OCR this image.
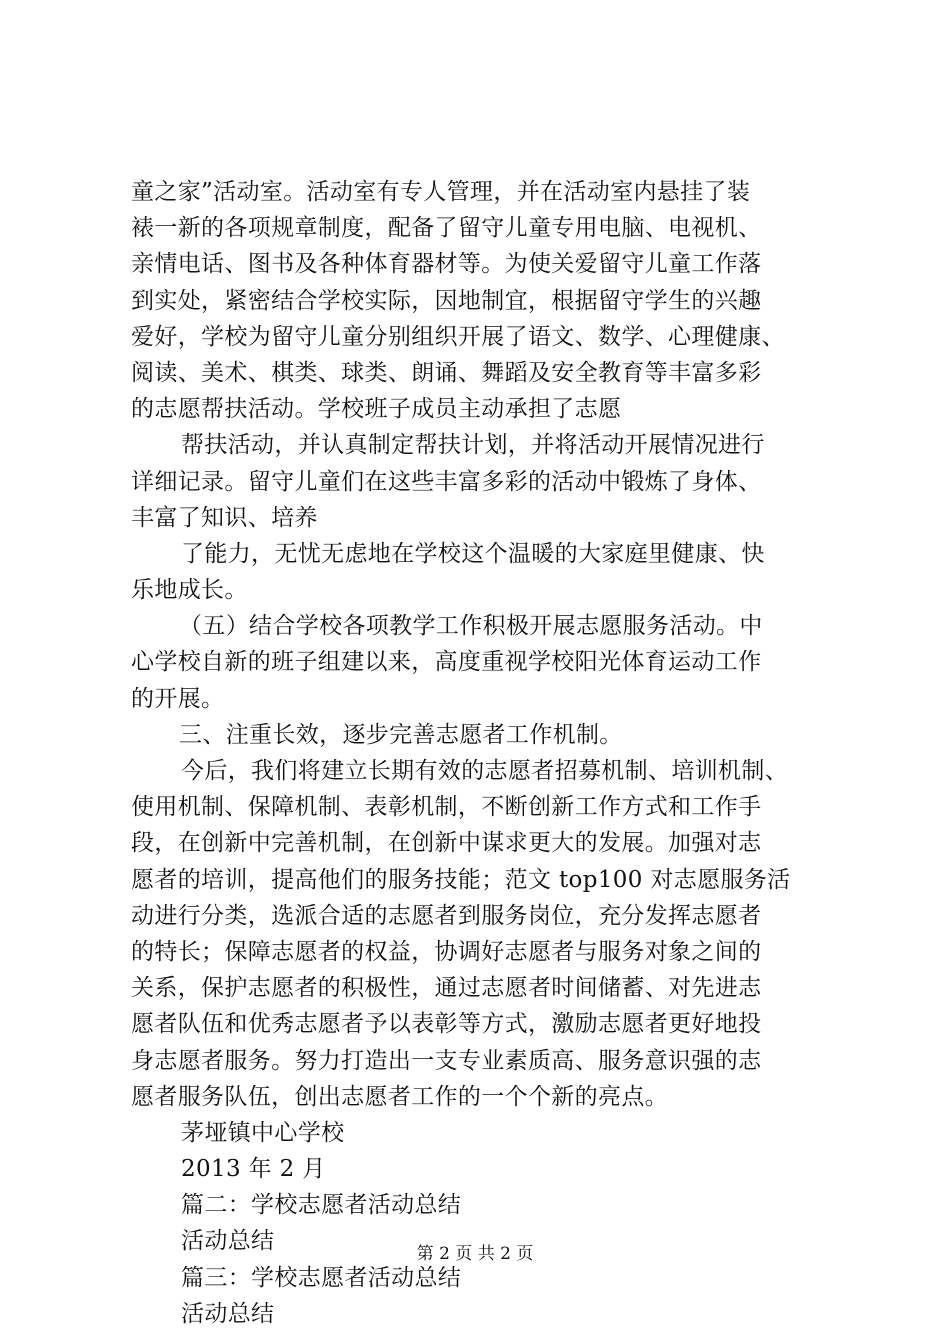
童之家”活动室。活动室有专人管理，并在活动室内悬挂了装
裱一新的各项规章制度，配备了留守儿童专用电脑、电视机、
亲情电话、图书及各种体育器材等。为使关爱留守儿童工作落
到实处，紧密结合学校实际，因地制宜，根据留守学生的兴趣
爱好，学校为留守儿童分别组织开展了语文、数学、心理健康、
阅读、美术、棋类、球类、朗诵、舞蹈及安全教育等丰富多彩
的志愿帮扶活动。学校班子成员主动承担了志愿
帮扶活动，并认真制定帮扶计划，并将活动开展情况进行
详细记录。留守儿童们在这些丰富多彩的活动中锻炼了身体、
丰富了知识、培养
了能力，无忧无虑地在学校这个温暖的大家庭里健康、快
乐地成长。
（五）结合学校各项教学工作积极开展志愿服务活动。中
心学校自新的班子组建以来，高度重视学校阳光体育运动工作
的开展。
三、注重长效，逐步完善志愿者工作机制。
今后，我们将建立长期有效的志愿者招募机制、培训机制、
使用机制、保障机制、表彰机制，不断创新工作方式和工作手
段，在创新中完善机制，在创新中谋求更大的发展。加强对志
愿者的培训，提高他们的服务技能；范文 top100 对志愿服务活
动进行分类，选派合适的志愿者到服务岗位，充分发挥志愿者
的特长；保障志愿者的权益，协调好志愿者与服务对象之间的
关系，保护志愿者的积极性，通过志愿者时间储蓄、对先进志
愿者队伍和优秀志愿者予以表彰等方式，激励志愿者更好地投
身志愿者服务。努力打造出一支专业素质高、服务意识强的志
愿者服务队伍，创出志愿者工作的一个个新的亮点。
茅垭镇中心学校
2013 年 2 月
篇二：学校志愿者活动总结
活动总结
篇三：学校志愿者活动总结
活动总结
第 2 页 共 2 页
